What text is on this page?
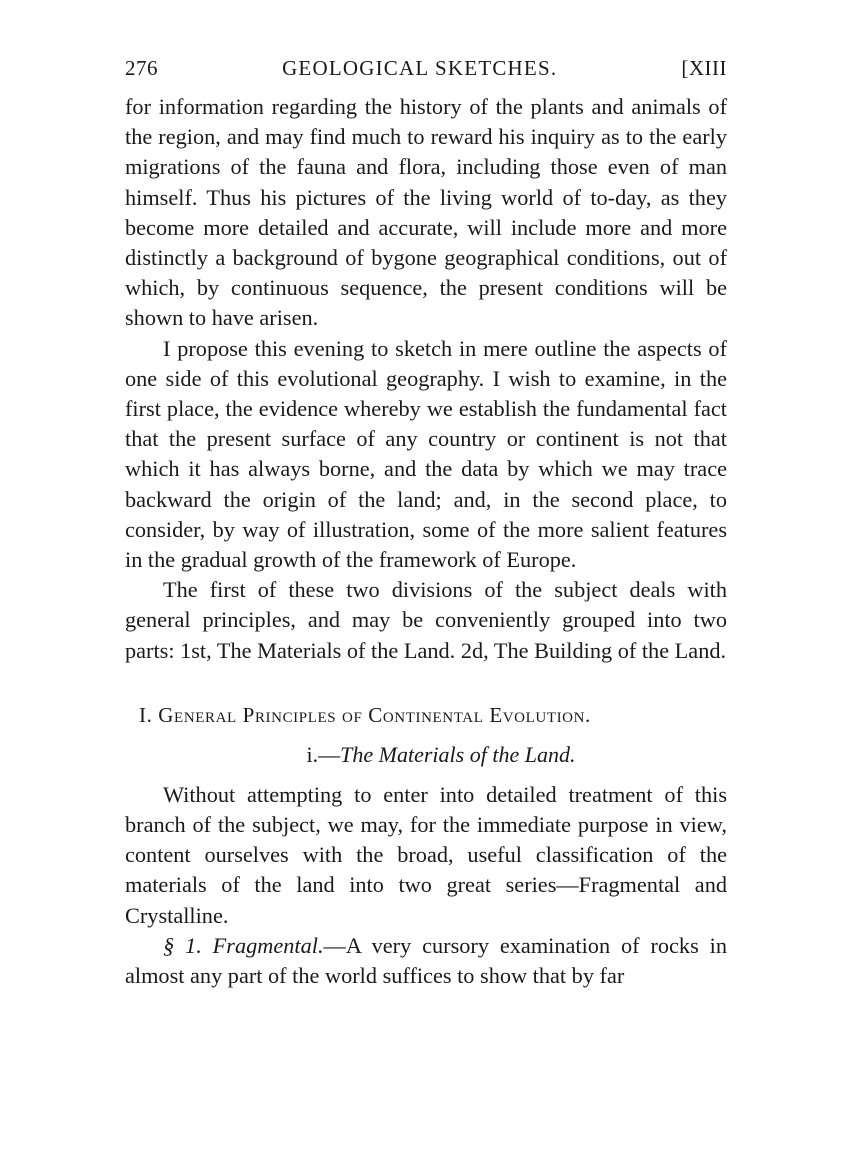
276	GEOLOGICAL SKETCHES.	[XIII

for information regarding the history of the plants and animals of the region, and may find much to reward his inquiry as to the early migrations of the fauna and flora, including those even of man himself. Thus his pictures of the living world of to-day, as they become more detailed and accurate, will include more and more distinctly a background of bygone geographical conditions, out of which, by continuous sequence, the present conditions will be shown to have arisen.

I propose this evening to sketch in mere outline the aspects of one side of this evolutional geography. I wish to examine, in the first place, the evidence whereby we establish the fundamental fact that the present surface of any country or continent is not that which it has always borne, and the data by which we may trace backward the origin of the land; and, in the second place, to consider, by way of illustration, some of the more salient features in the gradual growth of the framework of Europe.

The first of these two divisions of the subject deals with general principles, and may be conveniently grouped into two parts: 1st, The Materials of the Land. 2d, The Building of the Land.

I. General Principles of Continental Evolution.
i.—The Materials of the Land.

Without attempting to enter into detailed treatment of this branch of the subject, we may, for the immediate purpose in view, content ourselves with the broad, useful classification of the materials of the land into two great series—Fragmental and Crystalline.

§ 1. Fragmental.—A very cursory examination of rocks in almost any part of the world suffices to show that by far
